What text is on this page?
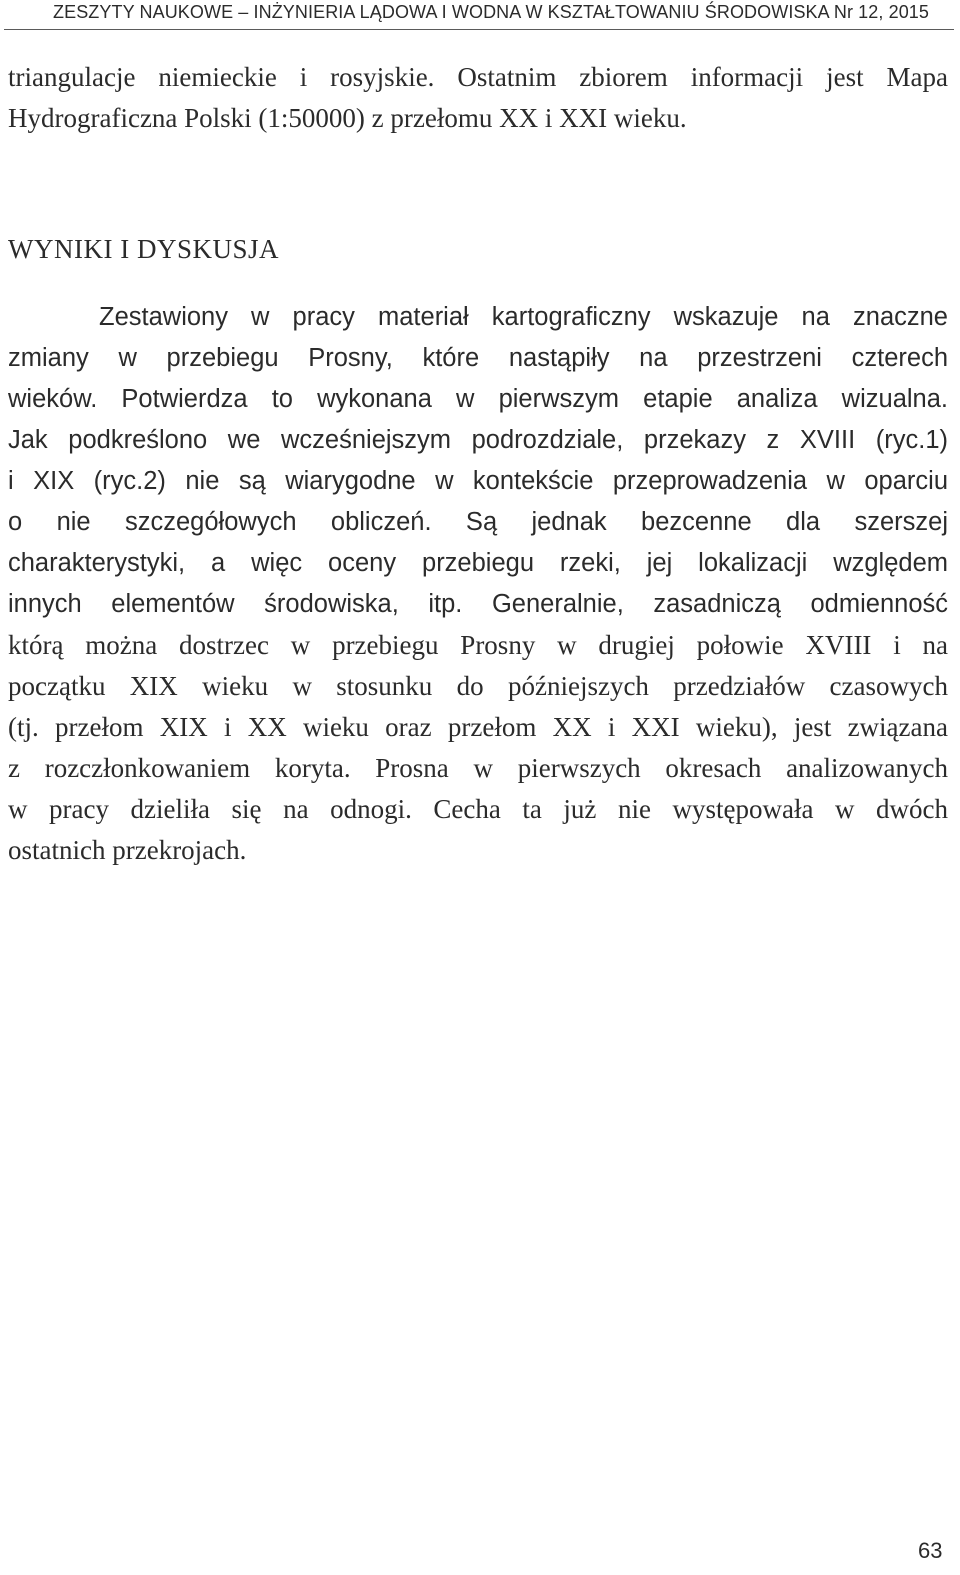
ZESZYTY NAUKOWE – INŻYNIERIA LĄDOWA I WODNA W KSZTAŁTOWANIU ŚRODOWISKA Nr 12, 2015
triangulacje niemieckie i rosyjskie. Ostatnim zbiorem informacji jest Mapa
Hydrograficzna Polski (1:50000) z przełomu XX i XXI wieku.
WYNIKI I DYSKUSJA
Zestawiony w pracy materiał kartograficzny wskazuje na znaczne
zmiany w przebiegu Prosny, które nastąpiły na przestrzeni czterech
wieków. Potwierdza to wykonana w pierwszym etapie analiza wizualna.
Jak podkreślono we wcześniejszym podrozdziale, przekazy z XVIII (ryc.1)
i XIX (ryc.2) nie są wiarygodne w kontekście przeprowadzenia w oparciu
o nie szczegółowych obliczeń. Są jednak bezcenne dla szerszej
charakterystyki, a więc oceny przebiegu rzeki, jej lokalizacji względem
innych elementów środowiska, itp. Generalnie, zasadniczą odmienność
którą można dostrzec w przebiegu Prosny w drugiej połowie XVIII i na
początku XIX wieku w stosunku do późniejszych przedziałów czasowych
(tj. przełom XIX i XX wieku oraz przełom XX i XXI wieku), jest związana
z rozczłonkowaniem koryta. Prosna w pierwszych okresach analizowanych
w pracy dzieliła się na odnogi. Cecha ta już nie występowała w dwóch
ostatnich przekrojach.
63
